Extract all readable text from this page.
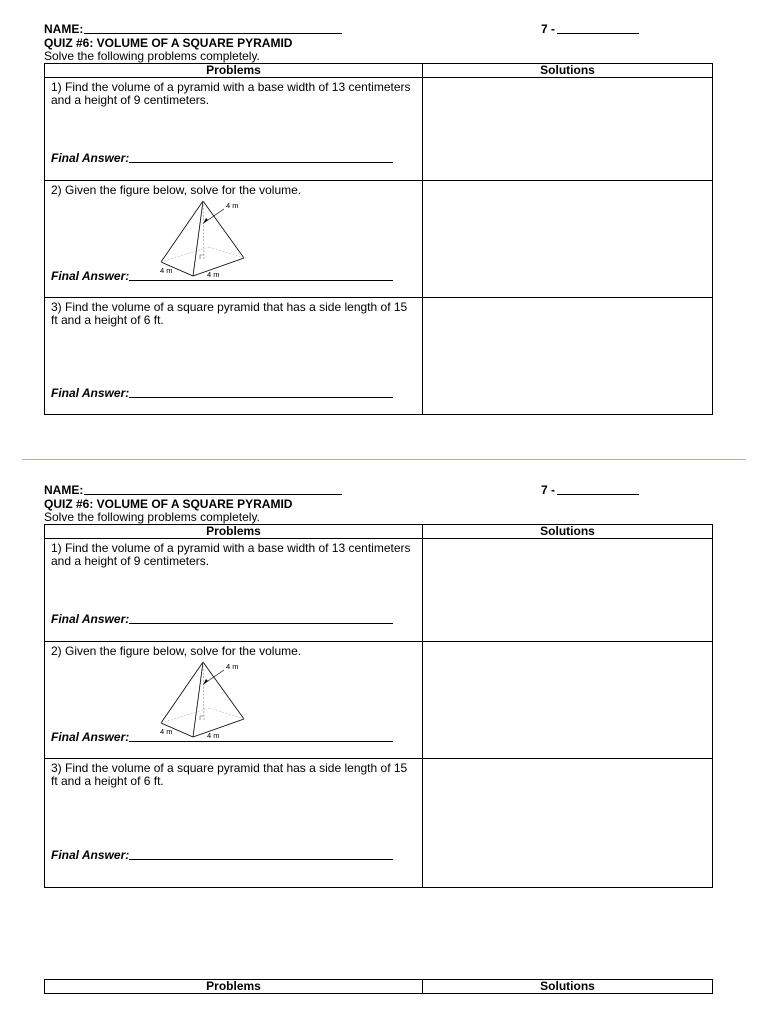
NAME:	7 -
QUIZ #6: VOLUME OF A SQUARE PYRAMID
Solve the following problems completely.
Problems	Solutions

1) Find the volume of a pyramid with a base width of 13 centimeters and a height of 9 centimeters.
Final Answer:	

2) Given the figure below, solve for the volume.
4 m
4 m 4 m
Final Answer:	

3) Find the volume of a square pyramid that has a side length of 15 ft and a height of 6 ft.
Final Answer:	

NAME:	7 -
QUIZ #6: VOLUME OF A SQUARE PYRAMID
Solve the following problems completely.
Problems	Solutions

1) Find the volume of a pyramid with a base width of 13 centimeters and a height of 9 centimeters.
Final Answer:	

2) Given the figure below, solve for the volume.
4 m
4 m 4 m
Final Answer:	

3) Find the volume of a square pyramid that has a side length of 15 ft and a height of 6 ft.
Final Answer:	

Problems	Solutions
